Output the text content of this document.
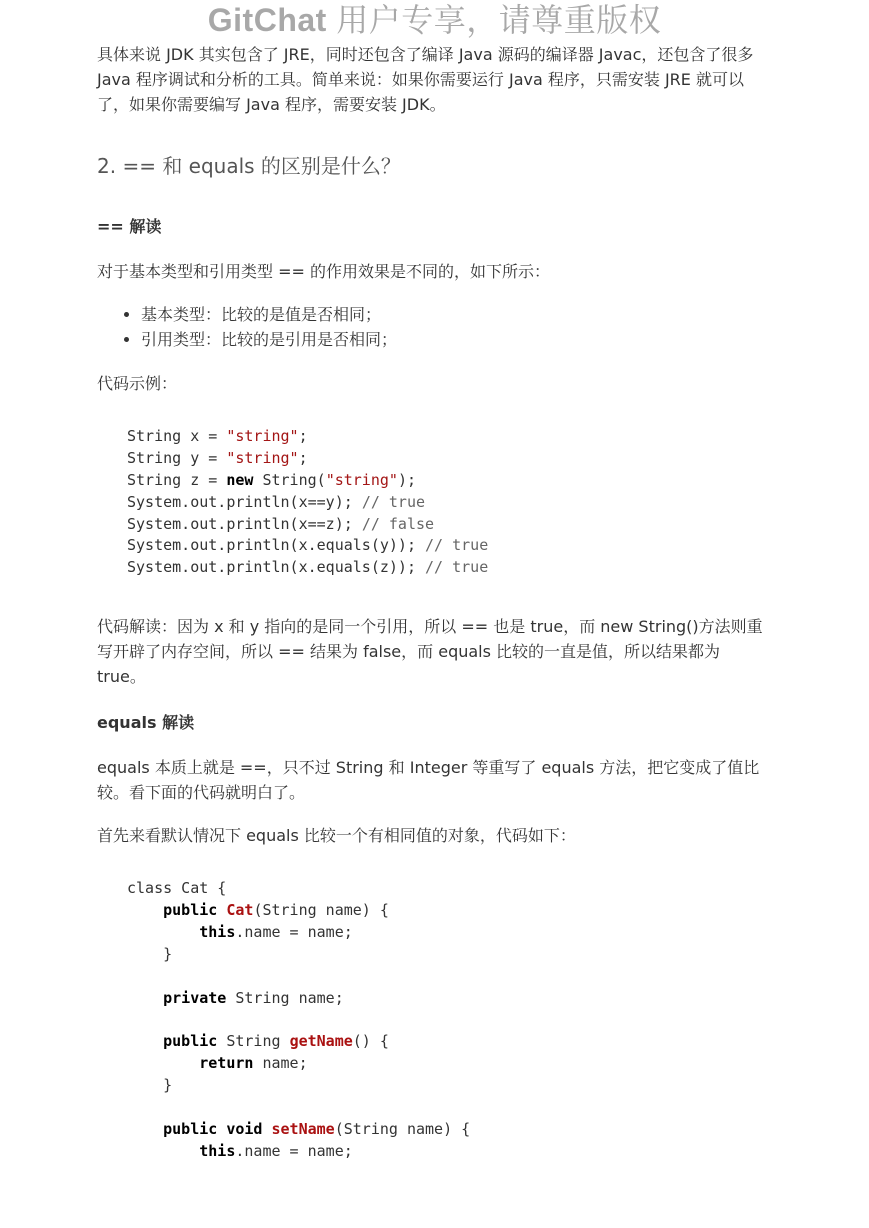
GitChat 用户专享，请尊重版权

具体来说 JDK 其实包含了 JRE，同时还包含了编译 Java 源码的编译器 Javac，还包含了很多 Java 程序调试和分析的工具。简单来说：如果你需要运行 Java 程序，只需安装 JRE 就可以了，如果你需要编写 Java 程序，需要安装 JDK。

2. == 和 equals 的区别是什么？
== 解读

对于基本类型和引用类型 == 的作用效果是不同的，如下所示：

• 基本类型：比较的是值是否相同；
• 引用类型：比较的是引用是否相同；

代码示例：

String x = "string";
String y = "string";
String z = new String("string");
System.out.println(x==y); // true
System.out.println(x==z); // false
System.out.println(x.equals(y)); // true
System.out.println(x.equals(z)); // true

代码解读：因为 x 和 y 指向的是同一个引用，所以 == 也是 true，而 new String()方法则重写开辟了内存空间，所以 == 结果为 false，而 equals 比较的一直是值，所以结果都为 true。

equals 解读

equals 本质上就是 ==，只不过 String 和 Integer 等重写了 equals 方法，把它变成了值比较。看下面的代码就明白了。

首先来看默认情况下 equals 比较一个有相同值的对象，代码如下：

class Cat {
public Cat(String name) {
this.name = name;
}
private String name;
public String getName() {
return name;
}
public void setName(String name) {
this.name = name;
